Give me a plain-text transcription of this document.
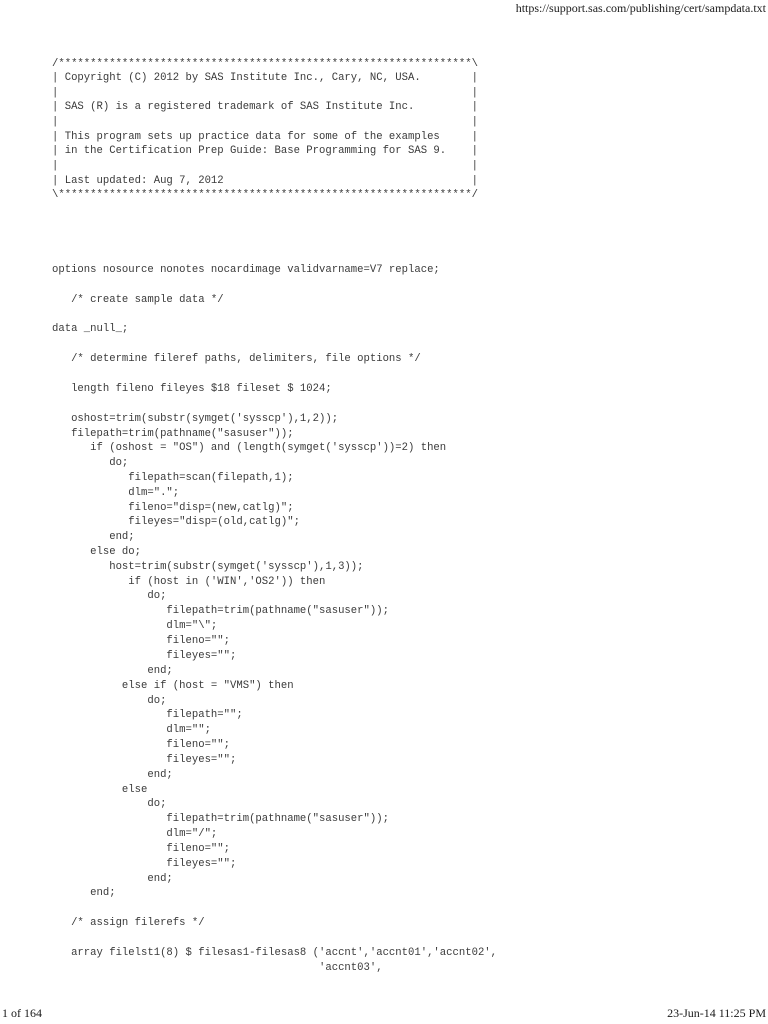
https://support.sas.com/publishing/cert/sampdata.txt
/*****************************************************************\
| Copyright (C) 2012 by SAS Institute Inc., Cary, NC, USA.        |
|                                                                 |
| SAS (R) is a registered trademark of SAS Institute Inc.         |
|                                                                 |
| This program sets up practice data for some of the examples     |
| in the Certification Prep Guide: Base Programming for SAS 9.    |
|                                                                 |
| Last updated: Aug 7, 2012                                       |
\*****************************************************************/
options nosource nonotes nocardimage validvarname=V7 replace;
/* create sample data */
data _null_;
/* determine fileref paths, delimiters, file options */
length fileno fileyes $18 fileset $ 1024;
oshost=trim(substr(symget('sysscp'),1,2));
filepath=trim(pathname("sasuser"));
if (oshost = "OS") and (length(symget('sysscp'))=2) then
do;
filepath=scan(filepath,1);
dlm=".";
fileno="disp=(new,catlg)";
fileyes="disp=(old,catlg)";
end;
else do;
host=trim(substr(symget('sysscp'),1,3));
if (host in ('WIN','OS2')) then
do;
filepath=trim(pathname("sasuser"));
dlm="\";
fileno="";
fileyes="";
end;
else if (host = "VMS") then
do;
filepath="";
dlm="";
fileno="";
fileyes="";
end;
else
do;
filepath=trim(pathname("sasuser"));
dlm="/";
fileno="";
fileyes="";
end;
end;
/* assign filerefs */
array filelst1(8) $ filesas1-filesas8 ('accnt','accnt01','accnt02',
'accnt03',
1 of 164	23-Jun-14 11:25 PM
